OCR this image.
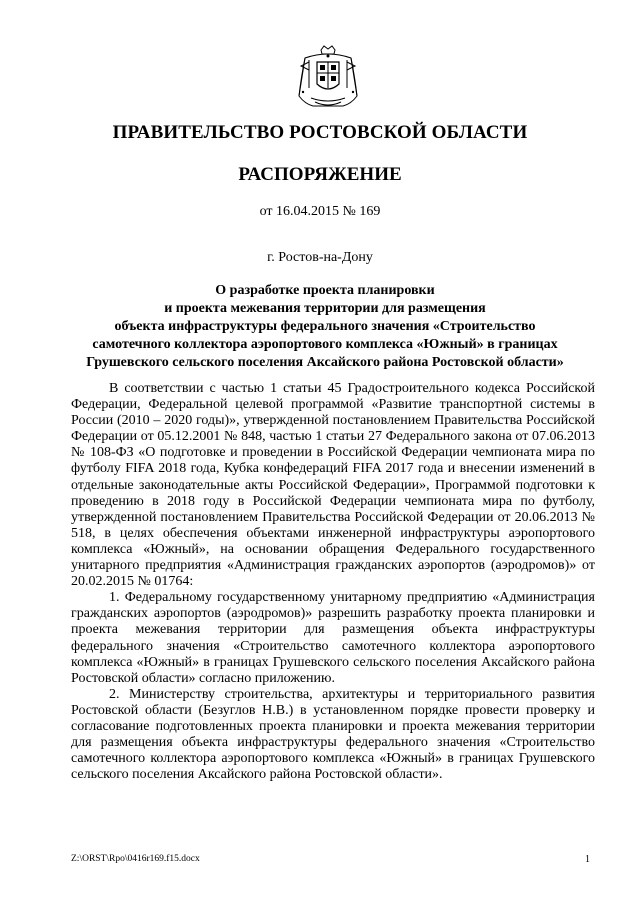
ПРАВИТЕЛЬСТВО РОСТОВСКОЙ ОБЛАСТИ
РАСПОРЯЖЕНИЕ
от 16.04.2015 № 169
г. Ростов-на-Дону
О разработке проекта планировки
и проекта межевания территории для размещения
объекта инфраструктуры федерального значения «Строительство
самотечного коллектора аэропортового комплекса «Южный» в границах
Грушевского сельского поселения Аксайского района Ростовской области»

В соответствии с частью 1 статьи 45 Градостроительного кодекса Российской Федерации, Федеральной целевой программой «Развитие транспортной системы в России (2010 – 2020 годы)», утвержденной постановлением Правительства Российской Федерации от 05.12.2001 № 848, частью 1 статьи 27 Федерального закона от 07.06.2013 № 108-ФЗ «О подготовке и проведении в Российской Федерации чемпионата мира по футболу FIFA 2018 года, Кубка конфедераций FIFA 2017 года и внесении изменений в отдельные законодательные акты Российской Федерации», Программой подготовки к проведению в 2018 году в Российской Федерации чемпионата мира по футболу, утвержденной постановлением Правительства Российской Федерации от 20.06.2013 № 518, в целях обеспечения объектами инженерной инфраструктуры аэропортового комплекса «Южный», на основании обращения Федерального государственного унитарного предприятия «Администрация гражданских аэропортов (аэродромов)» от 20.02.2015 № 01764:

1. Федеральному государственному унитарному предприятию «Администрация гражданских аэропортов (аэродромов)» разрешить разработку проекта планировки и проекта межевания территории для размещения объекта инфраструктуры федерального значения «Строительство самотечного коллектора аэропортового комплекса «Южный» в границах Грушевского сельского поселения Аксайского района Ростовской области» согласно приложению.

2. Министерству строительства, архитектуры и территориального развития Ростовской области (Безуглов Н.В.) в установленном порядке провести проверку и согласование подготовленных проекта планировки и проекта межевания территории для размещения объекта инфраструктуры федерального значения «Строительство самотечного коллектора аэропортового комплекса «Южный» в границах Грушевского сельского поселения Аксайского района Ростовской области».

Z:\ORST\Rpo\0416r169.f15.docx	1
